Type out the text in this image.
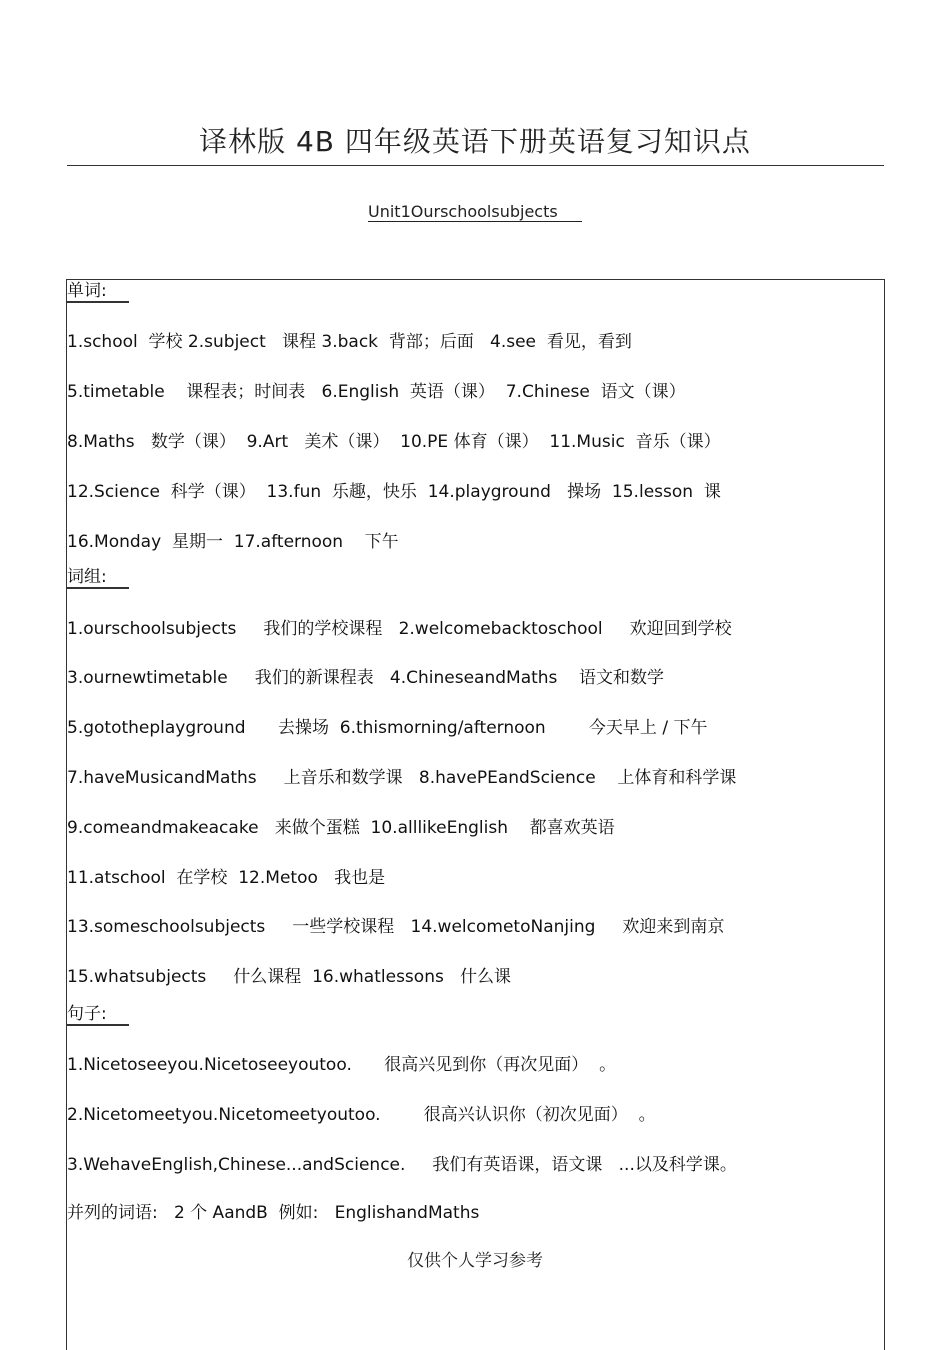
译林版 4B 四年级英语下册英语复习知识点
Unit1Ourschoolsubjects
单词:
1.school  学校 2.subject   课程 3.back  背部；后面   4.see  看见，看到
5.timetable    课程表；时间表   6.English  英语（课）  7.Chinese  语文（课）
8.Maths   数学（课）  9.Art   美术（课）  10.PE 体育（课）  11.Music  音乐（课）
12.Science  科学（课）  13.fun  乐趣，快乐  14.playground   操场  15.lesson  课
16.Monday  星期一  17.afternoon    下午
词组:
1.ourschoolsubjects     我们的学校课程   2.welcomebacktoschool     欢迎回到学校
3.ournewtimetable     我们的新课程表   4.ChineseandMaths    语文和数学
5.gototheplayground      去操场  6.thismorning/afternoon        今天早上 / 下午
7.haveMusicandMaths     上音乐和数学课   8.havePEandScience    上体育和科学课
9.comeandmakeacake   来做个蛋糕  10.alllikeEnglish    都喜欢英语
11.atschool  在学校  12.Metoo   我也是
13.someschoolsubjects     一些学校课程   14.welcometoNanjing     欢迎来到南京
15.whatsubjects     什么课程  16.whatlessons   什么课
句子:
1.Nicetoseeyou.Nicetoseeyoutoo.      很高兴见到你（再次见面）  。
2.Nicetomeetyou.Nicetomeetyoutoo.        很高兴认识你（初次见面）  。
3.WehaveEnglish,Chinese...andScience.     我们有英语课，语文课   ...以及科学课。
并列的词语:   2 个 AandB  例如:   EnglishandMaths
仅供个人学习参考
